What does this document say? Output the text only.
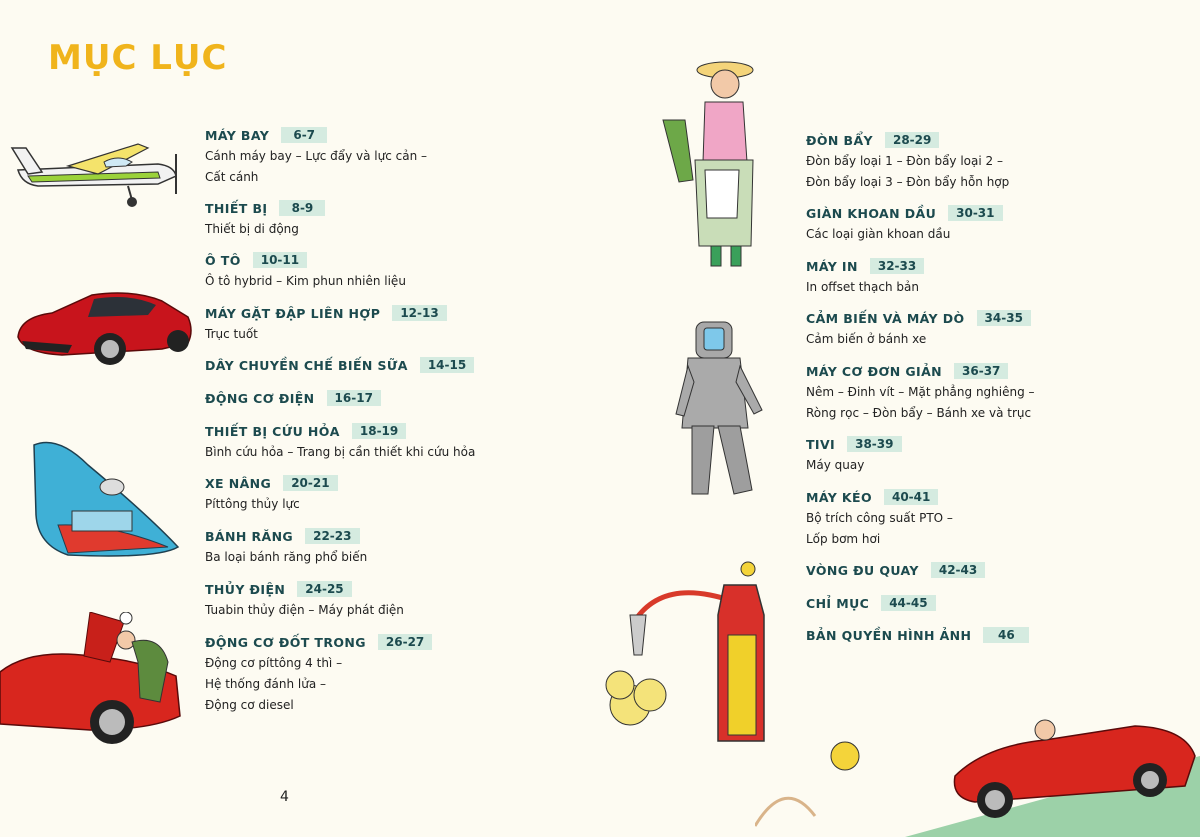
MỤC LỤC
MÁY BAY	6-7
Cánh máy bay – Lực đẩy và lực cản –
Cất cánh
THIẾT BỊ	8-9
Thiết bị di động
Ô TÔ	10-11
Ô tô hybrid – Kim phun nhiên liệu
MÁY GẶT ĐẬP LIÊN HỢP	12-13
Trục tuốt
DÂY CHUYỀN CHẾ BIẾN SỮA	14-15
ĐỘNG CƠ ĐIỆN	16-17
THIẾT BỊ CỨU HỎA	18-19
Bình cứu hỏa – Trang bị cần thiết khi cứu hỏa
XE NÂNG	20-21
Píttông thủy lực
BÁNH RĂNG	22-23
Ba loại bánh răng phổ biến
THỦY ĐIỆN	24-25
Tuabin thủy điện – Máy phát điện
ĐỘNG CƠ ĐỐT TRONG	26-27
Động cơ píttông 4 thì –
Hệ thống đánh lửa –
Động cơ diesel
ĐÒN BẨY	28-29
Đòn bẩy loại 1 – Đòn bẩy loại 2 –
Đòn bẩy loại 3 – Đòn bẩy hỗn hợp
GIÀN KHOAN DẦU	30-31
Các loại giàn khoan dầu
MÁY IN	32-33
In offset thạch bản
CẢM BIẾN VÀ MÁY DÒ	34-35
Cảm biến ở bánh xe
MÁY CƠ ĐƠN GIẢN	36-37
Nêm – Đinh vít – Mặt phẳng nghiêng –
Ròng rọc – Đòn bẩy – Bánh xe và trục
TIVI	38-39
Máy quay
MÁY KÉO	40-41
Bộ trích công suất PTO –
Lốp bơm hơi
VÒNG ĐU QUAY	42-43
CHỈ MỤC	44-45
BẢN QUYỀN HÌNH ẢNH	46
4
